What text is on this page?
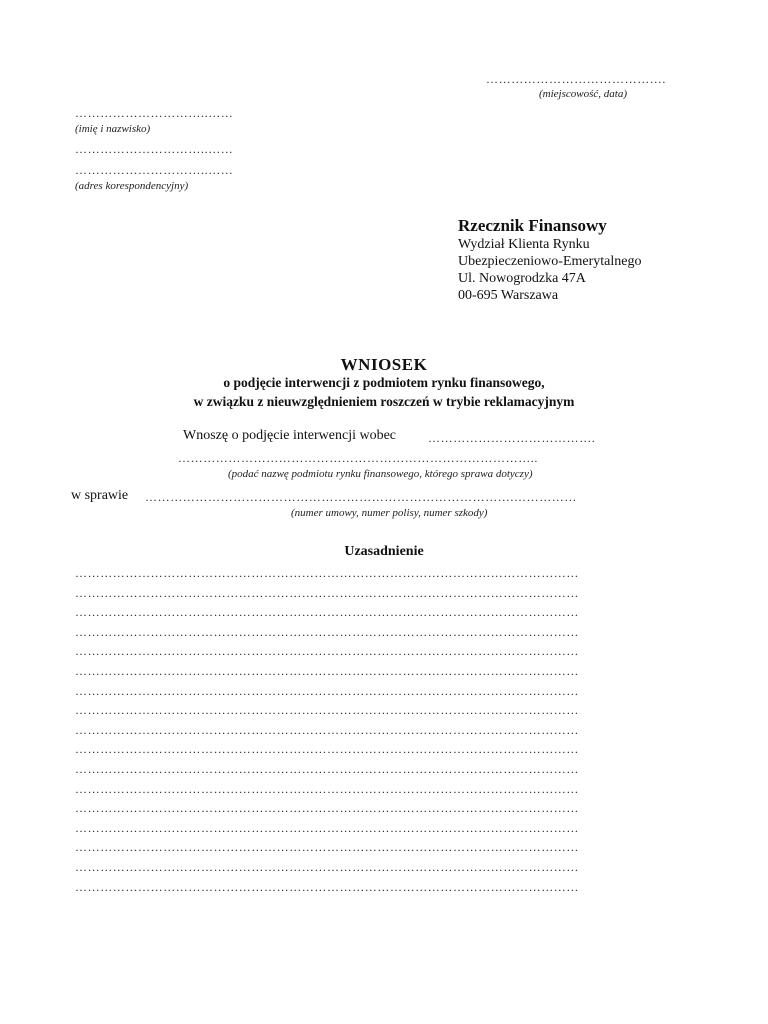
…………………………………….
(miejscowość, data)
…………………………..……
(imię i nazwisko)
…………………………..……
…………………………..……
(adres korespondencyjny)
Rzecznik Finansowy
Wydział Klienta Rynku
Ubezpieczeniowo-Emerytalnego
Ul. Nowogrodzka 47A
00-695 Warszawa
WNIOSEK
o podjęcie interwencji z podmiotem rynku finansowego,
w związku z nieuwzględnieniem roszczeń w trybie reklamacyjnym
Wnoszę o podjęcie interwencji wobec	………………………………….
…………………………………………………………………………..
(podać nazwę podmiotu rynku finansowego, którego sprawa dotyczy)
w sprawie …………………………………………………………………………….……………
(numer umowy, numer polisy, numer szkody)
Uzasadnienie
…………………………………………………………………………………………………………
…………………………………………………………………………………………………………
…………………………………………………………………………………………………………
…………………………………………………………………………………………………………
…………………………………………………………………………………………………………
…………………………………………………………………………………………………………
…………………………………………………………………………………………………………
…………………………………………………………………………………………………………
…………………………………………………………………………………………………………
…………………………………………………………………………………………………………
…………………………………………………………………………………………………………
…………………………………………………………………………………………………………
…………………………………………………………………………………………………………
…………………………………………………………………………………………………………
…………………………………………………………………………………………………………
…………………………………………………………………………………………………………
…………………………………………………………………………………………………………
